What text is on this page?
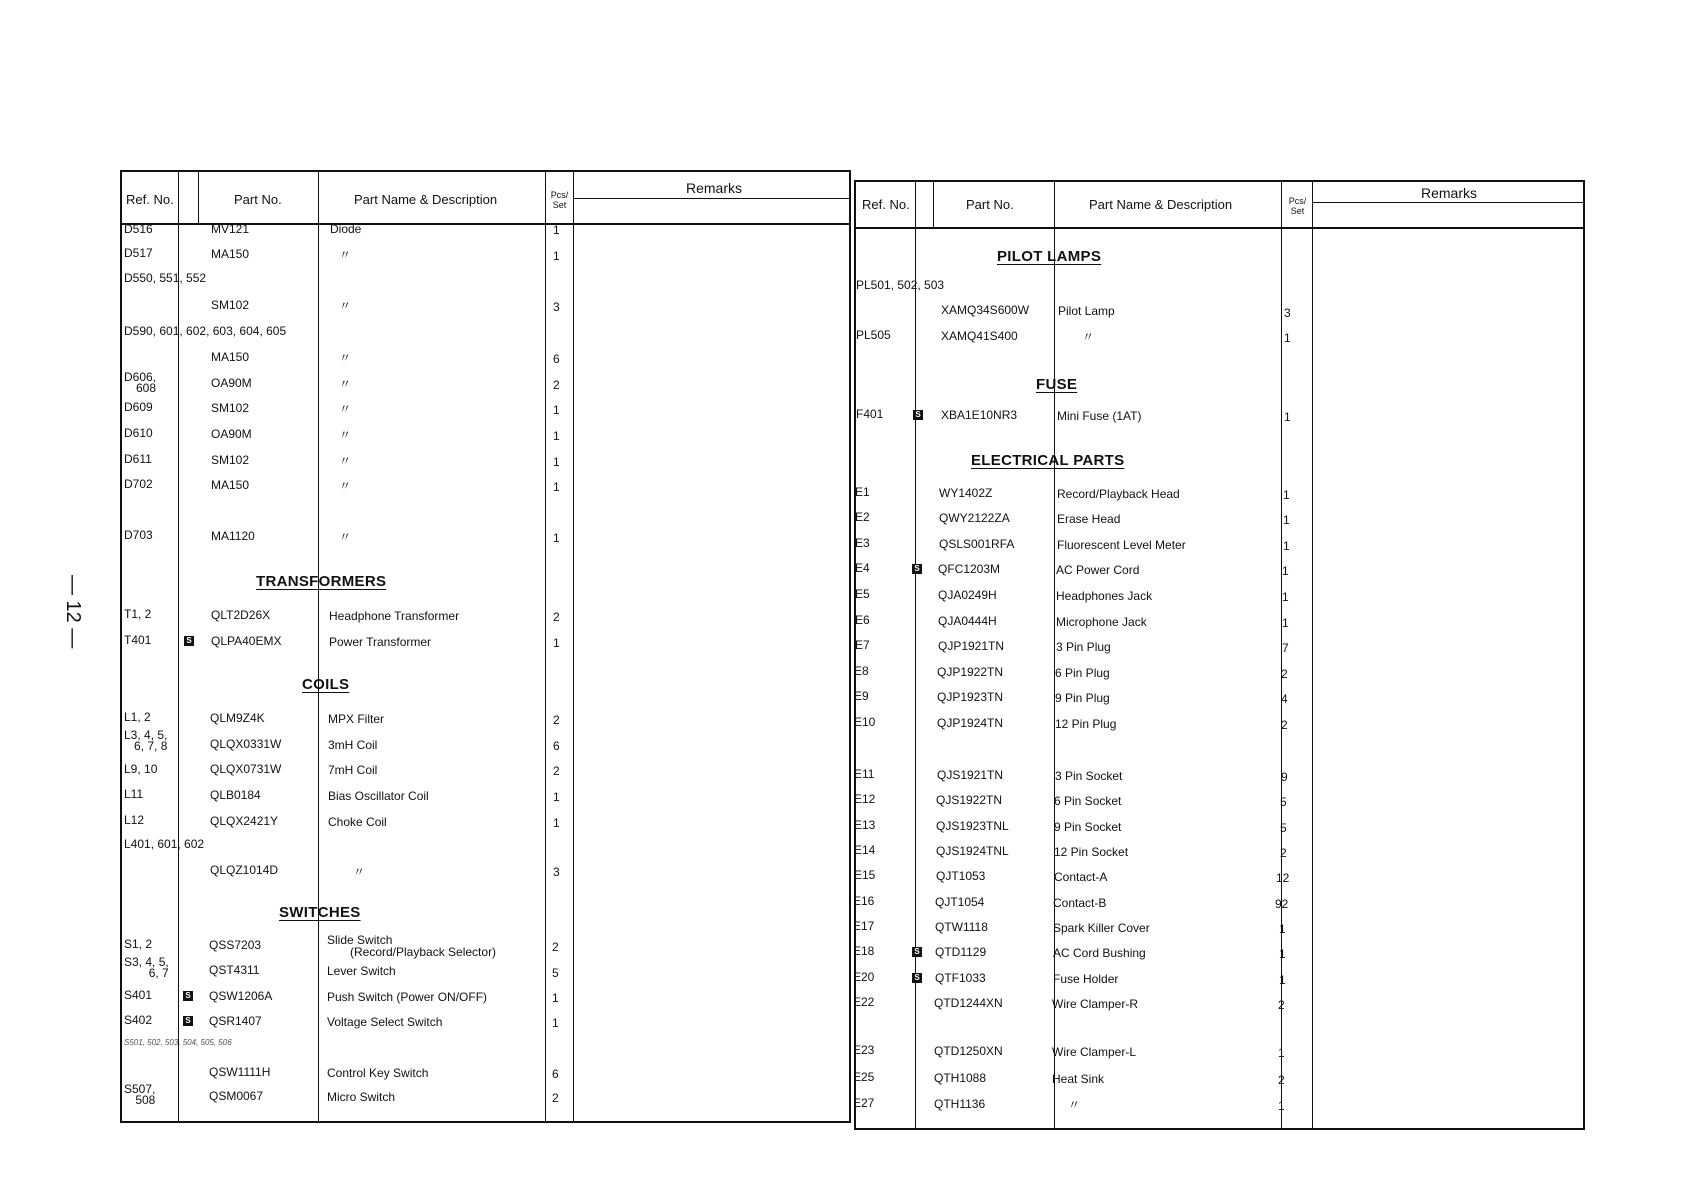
— 12 —
Ref. No.	Part No.	Part Name & Description	Pcs/
Set
Remarks
Ref. No.	Part No.	Part Name & Description	Pcs/
Set
Remarks
D516	MV121	Diode	1
D517	MA150	〃	1
D550, 551, 552
SM102	〃	3
D590, 601, 602, 603, 604, 605
MA150	〃	6
D606,
608	OA90M	〃	2
D609	SM102	〃	1
D610	OA90M	〃	1
D611	SM102	〃	1
D702	MA150	〃	1
D703	MA1120	〃	1
TRANSFORMERS
T1, 2	QLT2D26X	Headphone Transformer	2
T401	S QLPA40EMX	Power Transformer	1
COILS
L1, 2	QLM9Z4K	MPX Filter	2
L3, 4, 5,
6, 7, 8	QLQX0331W	3mH Coil	6
L9, 10	QLQX0731W	7mH Coil	2
L11	QLB0184	Bias Oscillator Coil	1
L12	QLQX2421Y	Choke Coil	1
L401, 601, 602
QLQZ1014D	〃	3
SWITCHES
S1, 2	QSS7203	Slide Switch
(Record/Playback Selector)	2
S3, 4, 5,
6, 7	QST4311	Lever Switch	5
S401	S QSW1206A	Push Switch (Power ON/OFF)	1
S402	S QSR1407	Voltage Select Switch	1
S501, 502, 503, 504, 505, 506
QSW1111H	Control Key Switch	6
S507,
508	QSM0067	Micro Switch	2
PILOT LAMPS
PL501, 502, 503
XAMQ34S600W Pilot Lamp	3
PL505	XAMQ41S400	〃	1
FUSE
F401	S XBA1E10NR3	Mini Fuse (1AT)	1
ELECTRICAL PARTS
E1	WY1402Z	Record/Playback Head	1
E2	QWY2122ZA	Erase Head	1
E3	QSLS001RFA	Fluorescent Level Meter	1
E4	S QFC1203M	AC Power Cord	1
E5	QJA0249H	Headphones Jack	1
E6	QJA0444H	Microphone Jack	1
E7	QJP1921TN	3 Pin Plug	7
E8	QJP1922TN	6 Pin Plug	2
E9	QJP1923TN	9 Pin Plug	4
E10	QJP1924TN	12 Pin Plug	2
E11	QJS1921TN	3 Pin Socket	9
E12	QJS1922TN	6 Pin Socket	5
E13	QJS1923TNL	9 Pin Socket	5
E14	QJS1924TNL	12 Pin Socket	2
E15	QJT1053	Contact-A	12
E16	QJT1054	Contact-B	92
E17	QTW1118	Spark Killer Cover	1
E18	S QTD1129	AC Cord Bushing	1
E20	S QTF1033	Fuse Holder	1
E22	QTD1244XN	Wire Clamper-R	2
E23	QTD1250XN	Wire Clamper-L	1
E25	QTH1088	Heat Sink	2
E27	QTH1136	〃	1
